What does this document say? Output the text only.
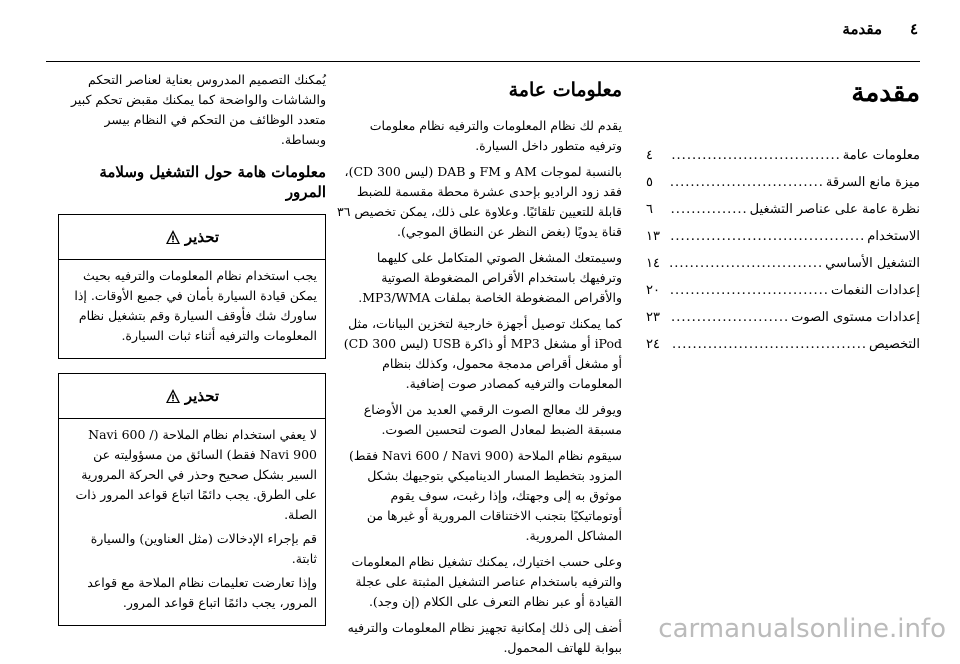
٤
مقدمة
مقدمة
معلومات عامة
.....
٤
ميزة مانع السرقة
.....
٥
نظرة عامة على عناصر التشغيل
.....
٦
الاستخدام
.....
١٣
التشغيل الأساسي
.....
١٤
إعدادات النغمات
.....
٢٠
إعدادات مستوى الصوت
.....
٢٣
التخصيص
.....
٢٤
معلومات عامة

يقدم لك نظام المعلومات والترفيه نظام معلومات وترفيه متطور داخل السيارة.

بالنسبة لموجات AM و FM و DAB (ليس CD 300)، فقد زود الراديو بإحدى عشرة محطة مقسمة للضبط قابلة للتعيين تلقائيًا. وعلاوة على ذلك، يمكن تخصيص ٣٦ قناة يدويًا (بغض النظر عن النطاق الموجي).

وسيمتعك المشغل الصوتي المتكامل على كليهما وترفيهك باستخدام الأقراص المضغوطة الصوتية والأقراص المضغوطة الخاصة بملفات MP3/WMA.

كما يمكنك توصيل أجهزة خارجية لتخزين البيانات، مثل iPod أو مشغل MP3 أو ذاكرة USB (ليس CD 300) أو مشغل أقراص مدمجة محمول، وكذلك بنظام المعلومات والترفيه كمصادر صوت إضافية.

ويوفر لك معالج الصوت الرقمي العديد من الأوضاع مسبقة الضبط لمعادل الصوت لتحسين الصوت.

سيقوم نظام الملاحة (Navi 600 / Navi 900 فقط) المزود بتخطيط المسار الديناميكي بتوجيهك بشكل موثوق به إلى وجهتك، وإذا رغبت، سوف يقوم أوتوماتيكيًا بتجنب الاختناقات المرورية أو غيرها من المشاكل المرورية.

وعلى حسب اختيارك، يمكنك تشغيل نظام المعلومات والترفيه باستخدام عناصر التشغيل المثبتة على عجلة القيادة أو عبر نظام التعرف على الكلام (إن وجد).

أضف إلى ذلك إمكانية تجهيز نظام المعلومات والترفيه ببوابة للهاتف المحمول.

يُمكنك التصميم المدروس بعناية لعناصر التحكم والشاشات والواضحة كما يمكنك مقبض تحكم كبير متعدد الوظائف من التحكم في النظام بيسر وبساطة.

معلومات هامة حول التشغيل وسلامة المرور
تحذير

يجب استخدام نظام المعلومات والترفيه بحيث يمكن قيادة السيارة بأمان في جميع الأوقات. إذا ساورك شك فأوقف السيارة وقم بتشغيل نظام المعلومات والترفيه أثناء ثبات السيارة.

تحذير

لا يعفي استخدام نظام الملاحة (Navi 600 / Navi 900 فقط) السائق من مسؤوليته عن السير بشكل صحيح وحذر في الحركة المرورية على الطرق. يجب دائمًا اتباع قواعد المرور ذات الصلة.

قم بإجراء الإدخالات (مثل العناوين) والسيارة ثابتة.

وإذا تعارضت تعليمات نظام الملاحة مع قواعد المرور، يجب دائمًا اتباع قواعد المرور.

carmanualsonline.info
